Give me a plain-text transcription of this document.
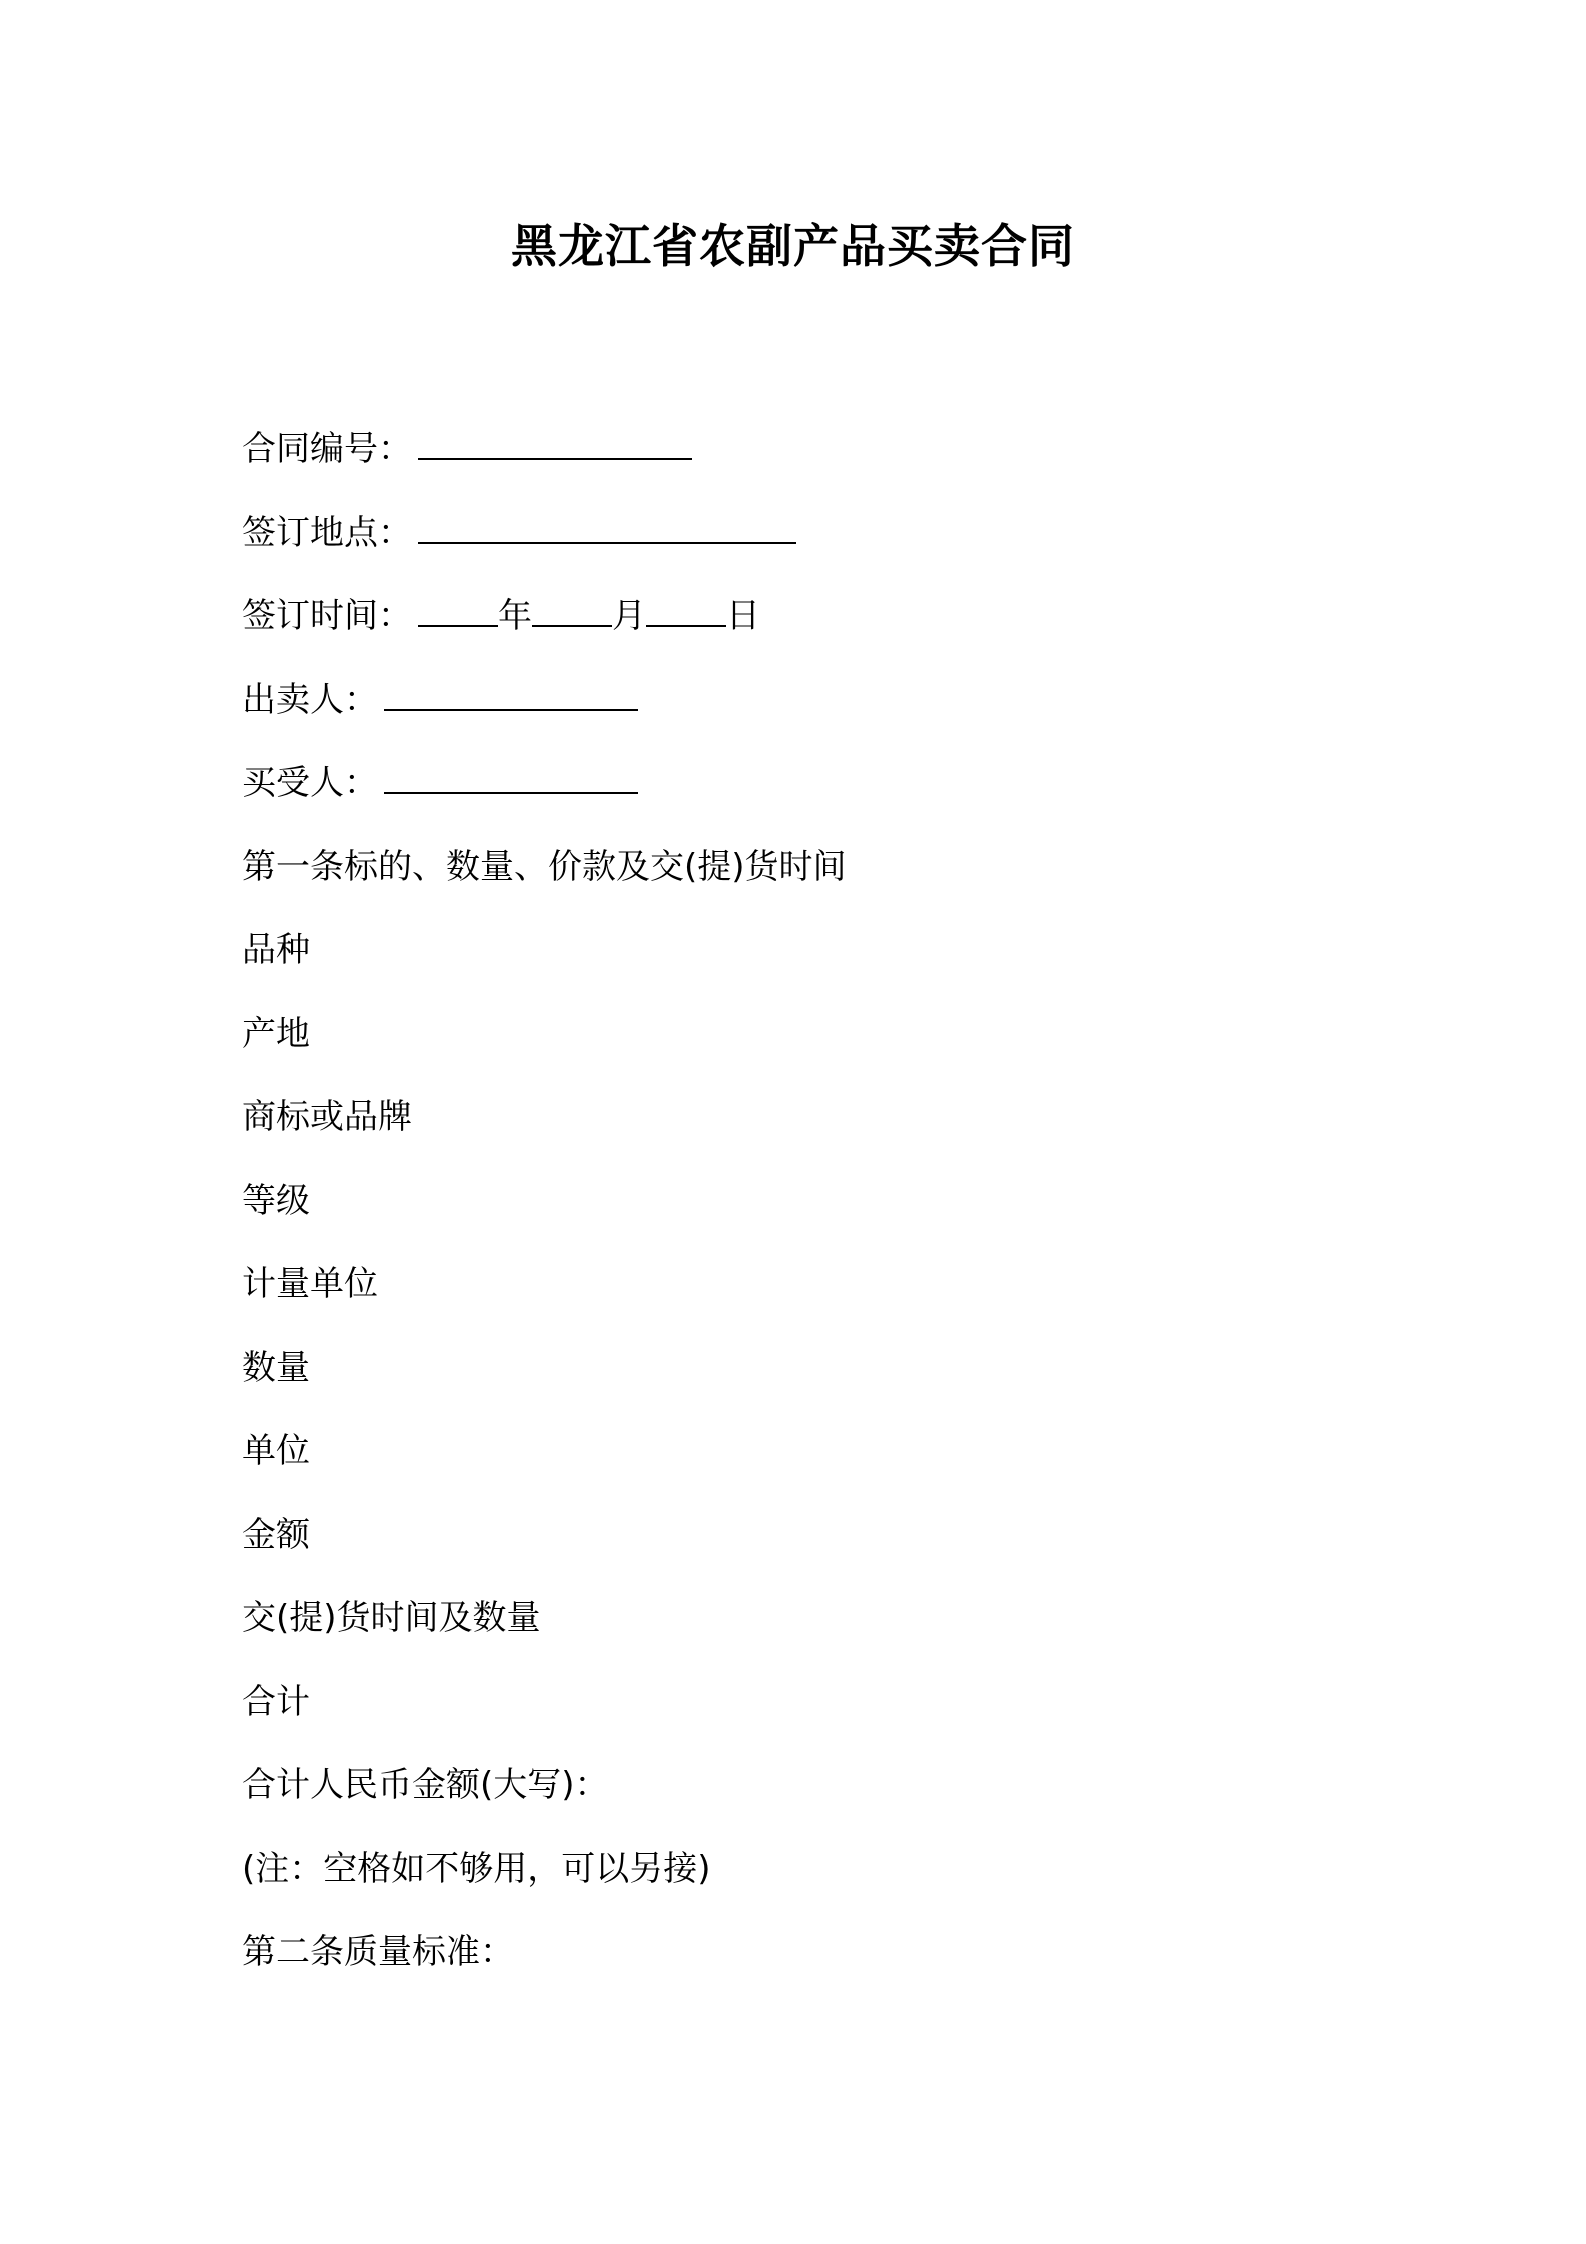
黑龙江省农副产品买卖合同
合同编号：
签订地点：
签订时间：	年 月 日
出卖人：
买受人：
第一条标的、数量、价款及交(提)货时间
品种
产地
商标或品牌
等级
计量单位
数量
单位
金额
交(提)货时间及数量
合计
合计人民币金额(大写)：
(注：空格如不够用，可以另接)
第二条质量标准：
